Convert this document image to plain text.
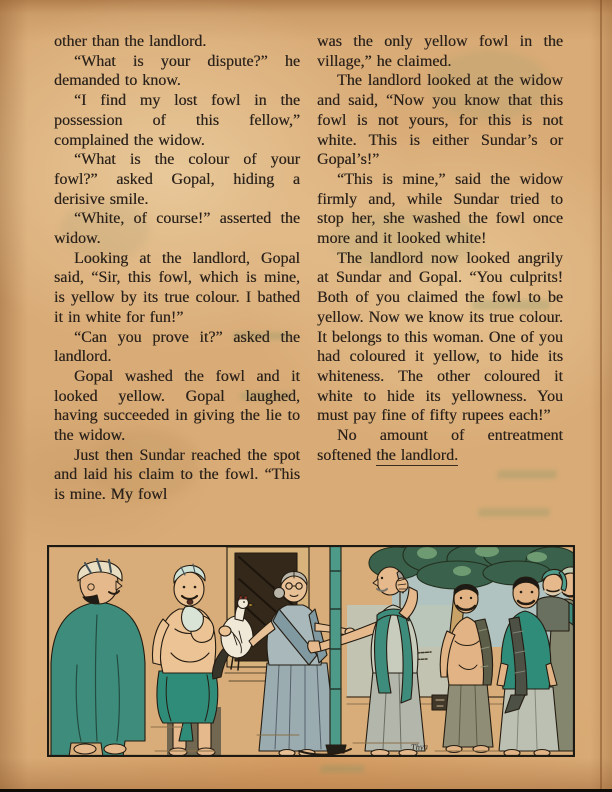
other than the landlord.

“What is your dispute?” he demanded to know.

“I find my lost fowl in the possession of this fellow,” complained the widow.

“What is the colour of your fowl?” asked Gopal, hiding a derisive smile.

“White, of course!” asserted the widow.

Looking at the landlord, Gopal said, “Sir, this fowl, which is mine, is yellow by its true colour. I bathed it in white for fun!”

“Can you prove it?” asked the landlord.

Gopal washed the fowl and it looked yellow. Gopal laughed, having succeeded in giving the lie to the widow.

Just then Sundar reached the spot and laid his claim to the fowl. “This is mine. My fowl

was the only yellow fowl in the village,” he claimed.

The landlord looked at the widow and said, “Now you know that this fowl is not yours, for this is not white. This is either Sundar’s or Gopal’s!”

“This is mine,” said the widow firmly and, while Sundar tried to stop her, she washed the fowl once more and it looked white!

The landlord now looked angrily at Sundar and Gopal. “You culprits! Both of you claimed the fowl to be yellow. Now we know its true colour. It belongs to this woman. One of you had coloured it yellow, to hide its whiteness. The other coloured it white to hide its yellowness. You must pay fine of fifty rupees each!”

No amount of entreatment softened the landlord.

Thya
